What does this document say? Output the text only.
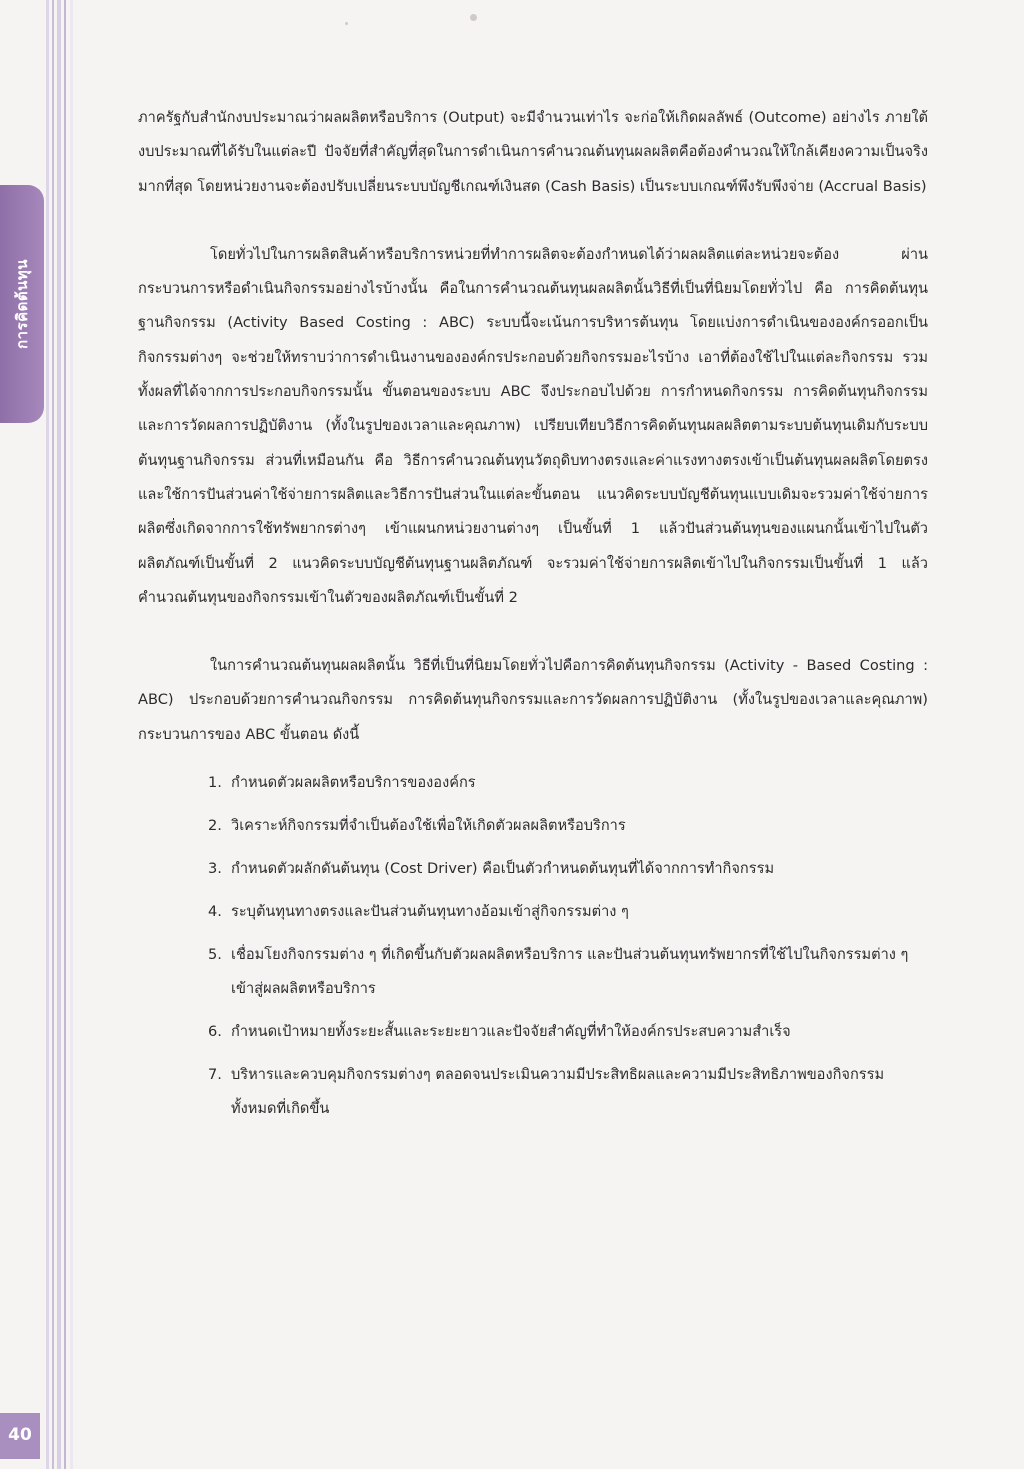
การคิดต้นทุน
40

ภาครัฐกับสำนักงบประมาณว่าผลผลิตหรือบริการ (Output) จะมีจำนวนเท่าไร จะก่อให้เกิดผลลัพธ์ (Outcome) อย่างไร ภายใต้งบประมาณที่ได้รับในแต่ละปี ปัจจัยที่สำคัญที่สุดในการดำเนินการคำนวณต้นทุนผลผลิตคือต้องคำนวณให้ใกล้เคียงความเป็นจริงมากที่สุด โดยหน่วยงานจะต้องปรับเปลี่ยนระบบบัญชีเกณฑ์เงินสด (Cash Basis) เป็นระบบเกณฑ์พึงรับพึงจ่าย (Accrual Basis)

โดยทั่วไปในการผลิตสินค้าหรือบริการหน่วยที่ทำการผลิตจะต้องกำหนดได้ว่าผลผลิตแต่ละหน่วยจะต้อง ผ่านกระบวนการหรือดำเนินกิจกรรมอย่างไรบ้างนั้น คือในการคำนวณต้นทุนผลผลิตนั้นวิธีที่เป็นที่นิยมโดยทั่วไป คือ การคิดต้นทุนฐานกิจกรรม (Activity Based Costing : ABC) ระบบนี้จะเน้นการบริหารต้นทุน โดยแบ่งการดำเนินขององค์กรออกเป็นกิจกรรมต่างๆ จะช่วยให้ทราบว่าการดำเนินงานขององค์กรประกอบด้วยกิจกรรมอะไรบ้าง เอาที่ต้องใช้ไปในแต่ละกิจกรรม รวมทั้งผลที่ได้จากการประกอบกิจกรรมนั้น ขั้นตอนของระบบ ABC จึงประกอบไปด้วย การกำหนดกิจกรรม การคิดต้นทุนกิจกรรม และการวัดผลการปฏิบัติงาน (ทั้งในรูปของเวลาและคุณภาพ) เปรียบเทียบวิธีการคิดต้นทุนผลผลิตตามระบบต้นทุนเดิมกับระบบต้นทุนฐานกิจกรรม ส่วนที่เหมือนกัน คือ วิธีการคำนวณต้นทุนวัตถุดิบทางตรงและค่าแรงทางตรงเข้าเป็นต้นทุนผลผลิตโดยตรง และใช้การปันส่วนค่าใช้จ่ายการผลิตและวิธีการปันส่วนในแต่ละขั้นตอน แนวคิดระบบบัญชีต้นทุนแบบเดิมจะรวมค่าใช้จ่ายการผลิตซึ่งเกิดจากการใช้ทรัพยากรต่างๆ เข้าแผนกหน่วยงานต่างๆ เป็นขั้นที่ 1 แล้วปันส่วนต้นทุนของแผนกนั้นเข้าไปในตัวผลิตภัณฑ์เป็นขั้นที่ 2 แนวคิดระบบบัญชีต้นทุนฐานผลิตภัณฑ์ จะรวมค่าใช้จ่ายการผลิตเข้าไปในกิจกรรมเป็นขั้นที่ 1 แล้วคำนวณต้นทุนของกิจกรรมเข้าในตัวของผลิตภัณฑ์เป็นขั้นที่ 2

ในการคำนวณต้นทุนผลผลิตนั้น วิธีที่เป็นที่นิยมโดยทั่วไปคือการคิดต้นทุนกิจกรรม (Activity - Based Costing : ABC) ประกอบด้วยการคำนวณกิจกรรม การคิดต้นทุนกิจกรรมและการวัดผลการปฏิบัติงาน (ทั้งในรูปของเวลาและคุณภาพ) กระบวนการของ ABC ขั้นตอน ดังนี้

1. กำหนดตัวผลผลิตหรือบริการขององค์กร
2. วิเคราะห์กิจกรรมที่จำเป็นต้องใช้เพื่อให้เกิดตัวผลผลิตหรือบริการ
3. กำหนดตัวผลักดันต้นทุน (Cost Driver) คือเป็นตัวกำหนดต้นทุนที่ได้จากการทำกิจกรรม
4. ระบุต้นทุนทางตรงและปันส่วนต้นทุนทางอ้อมเข้าสู่กิจกรรมต่าง ๆ
5. เชื่อมโยงกิจกรรมต่าง ๆ ที่เกิดขึ้นกับตัวผลผลิตหรือบริการ และปันส่วนต้นทุนทรัพยากรที่ใช้ไปในกิจกรรมต่าง ๆ เข้าสู่ผลผลิตหรือบริการ
6. กำหนดเป้าหมายทั้งระยะสั้นและระยะยาวและปัจจัยสำคัญที่ทำให้องค์กรประสบความสำเร็จ
7. บริหารและควบคุมกิจกรรมต่างๆ ตลอดจนประเมินความมีประสิทธิผลและความมีประสิทธิภาพของกิจกรรมทั้งหมดที่เกิดขึ้น
